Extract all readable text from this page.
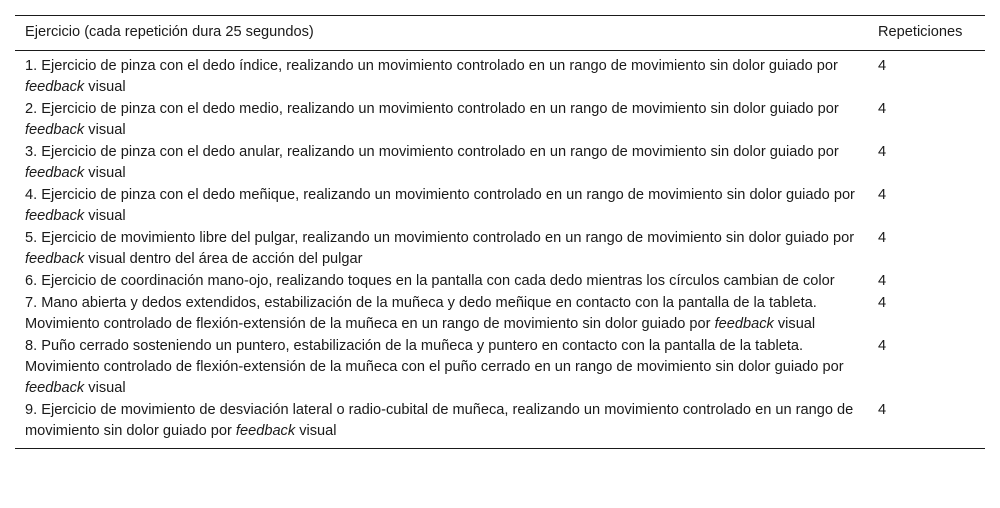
Ejercicio (cada repetición dura 25 segundos)	Repeticiones
1. Ejercicio de pinza con el dedo índice, realizando un movimiento controlado en un rango de movimiento sin dolor guiado por feedback visual	4
2. Ejercicio de pinza con el dedo medio, realizando un movimiento controlado en un rango de movimiento sin dolor guiado por feedback visual	4
3. Ejercicio de pinza con el dedo anular, realizando un movimiento controlado en un rango de movimiento sin dolor guiado por feedback visual	4
4. Ejercicio de pinza con el dedo meñique, realizando un movimiento controlado en un rango de movimiento sin dolor guiado por feedback visual	4
5. Ejercicio de movimiento libre del pulgar, realizando un movimiento controlado en un rango de movimiento sin dolor guiado por feedback visual dentro del área de acción del pulgar	4
6. Ejercicio de coordinación mano-ojo, realizando toques en la pantalla con cada dedo mientras los círculos cambian de color	4
7. Mano abierta y dedos extendidos, estabilización de la muñeca y dedo meñique en contacto con la pantalla de la tableta. Movimiento controlado de flexión-extensión de la muñeca en un rango de movimiento sin dolor guiado por feedback visual	4
8. Puño cerrado sosteniendo un puntero, estabilización de la muñeca y puntero en contacto con la pantalla de la tableta. Movimiento controlado de flexión-extensión de la muñeca con el puño cerrado en un rango de movimiento sin dolor guiado por feedback visual	4
9. Ejercicio de movimiento de desviación lateral o radio-cubital de muñeca, realizando un movimiento controlado en un rango de movimiento sin dolor guiado por feedback visual	4
